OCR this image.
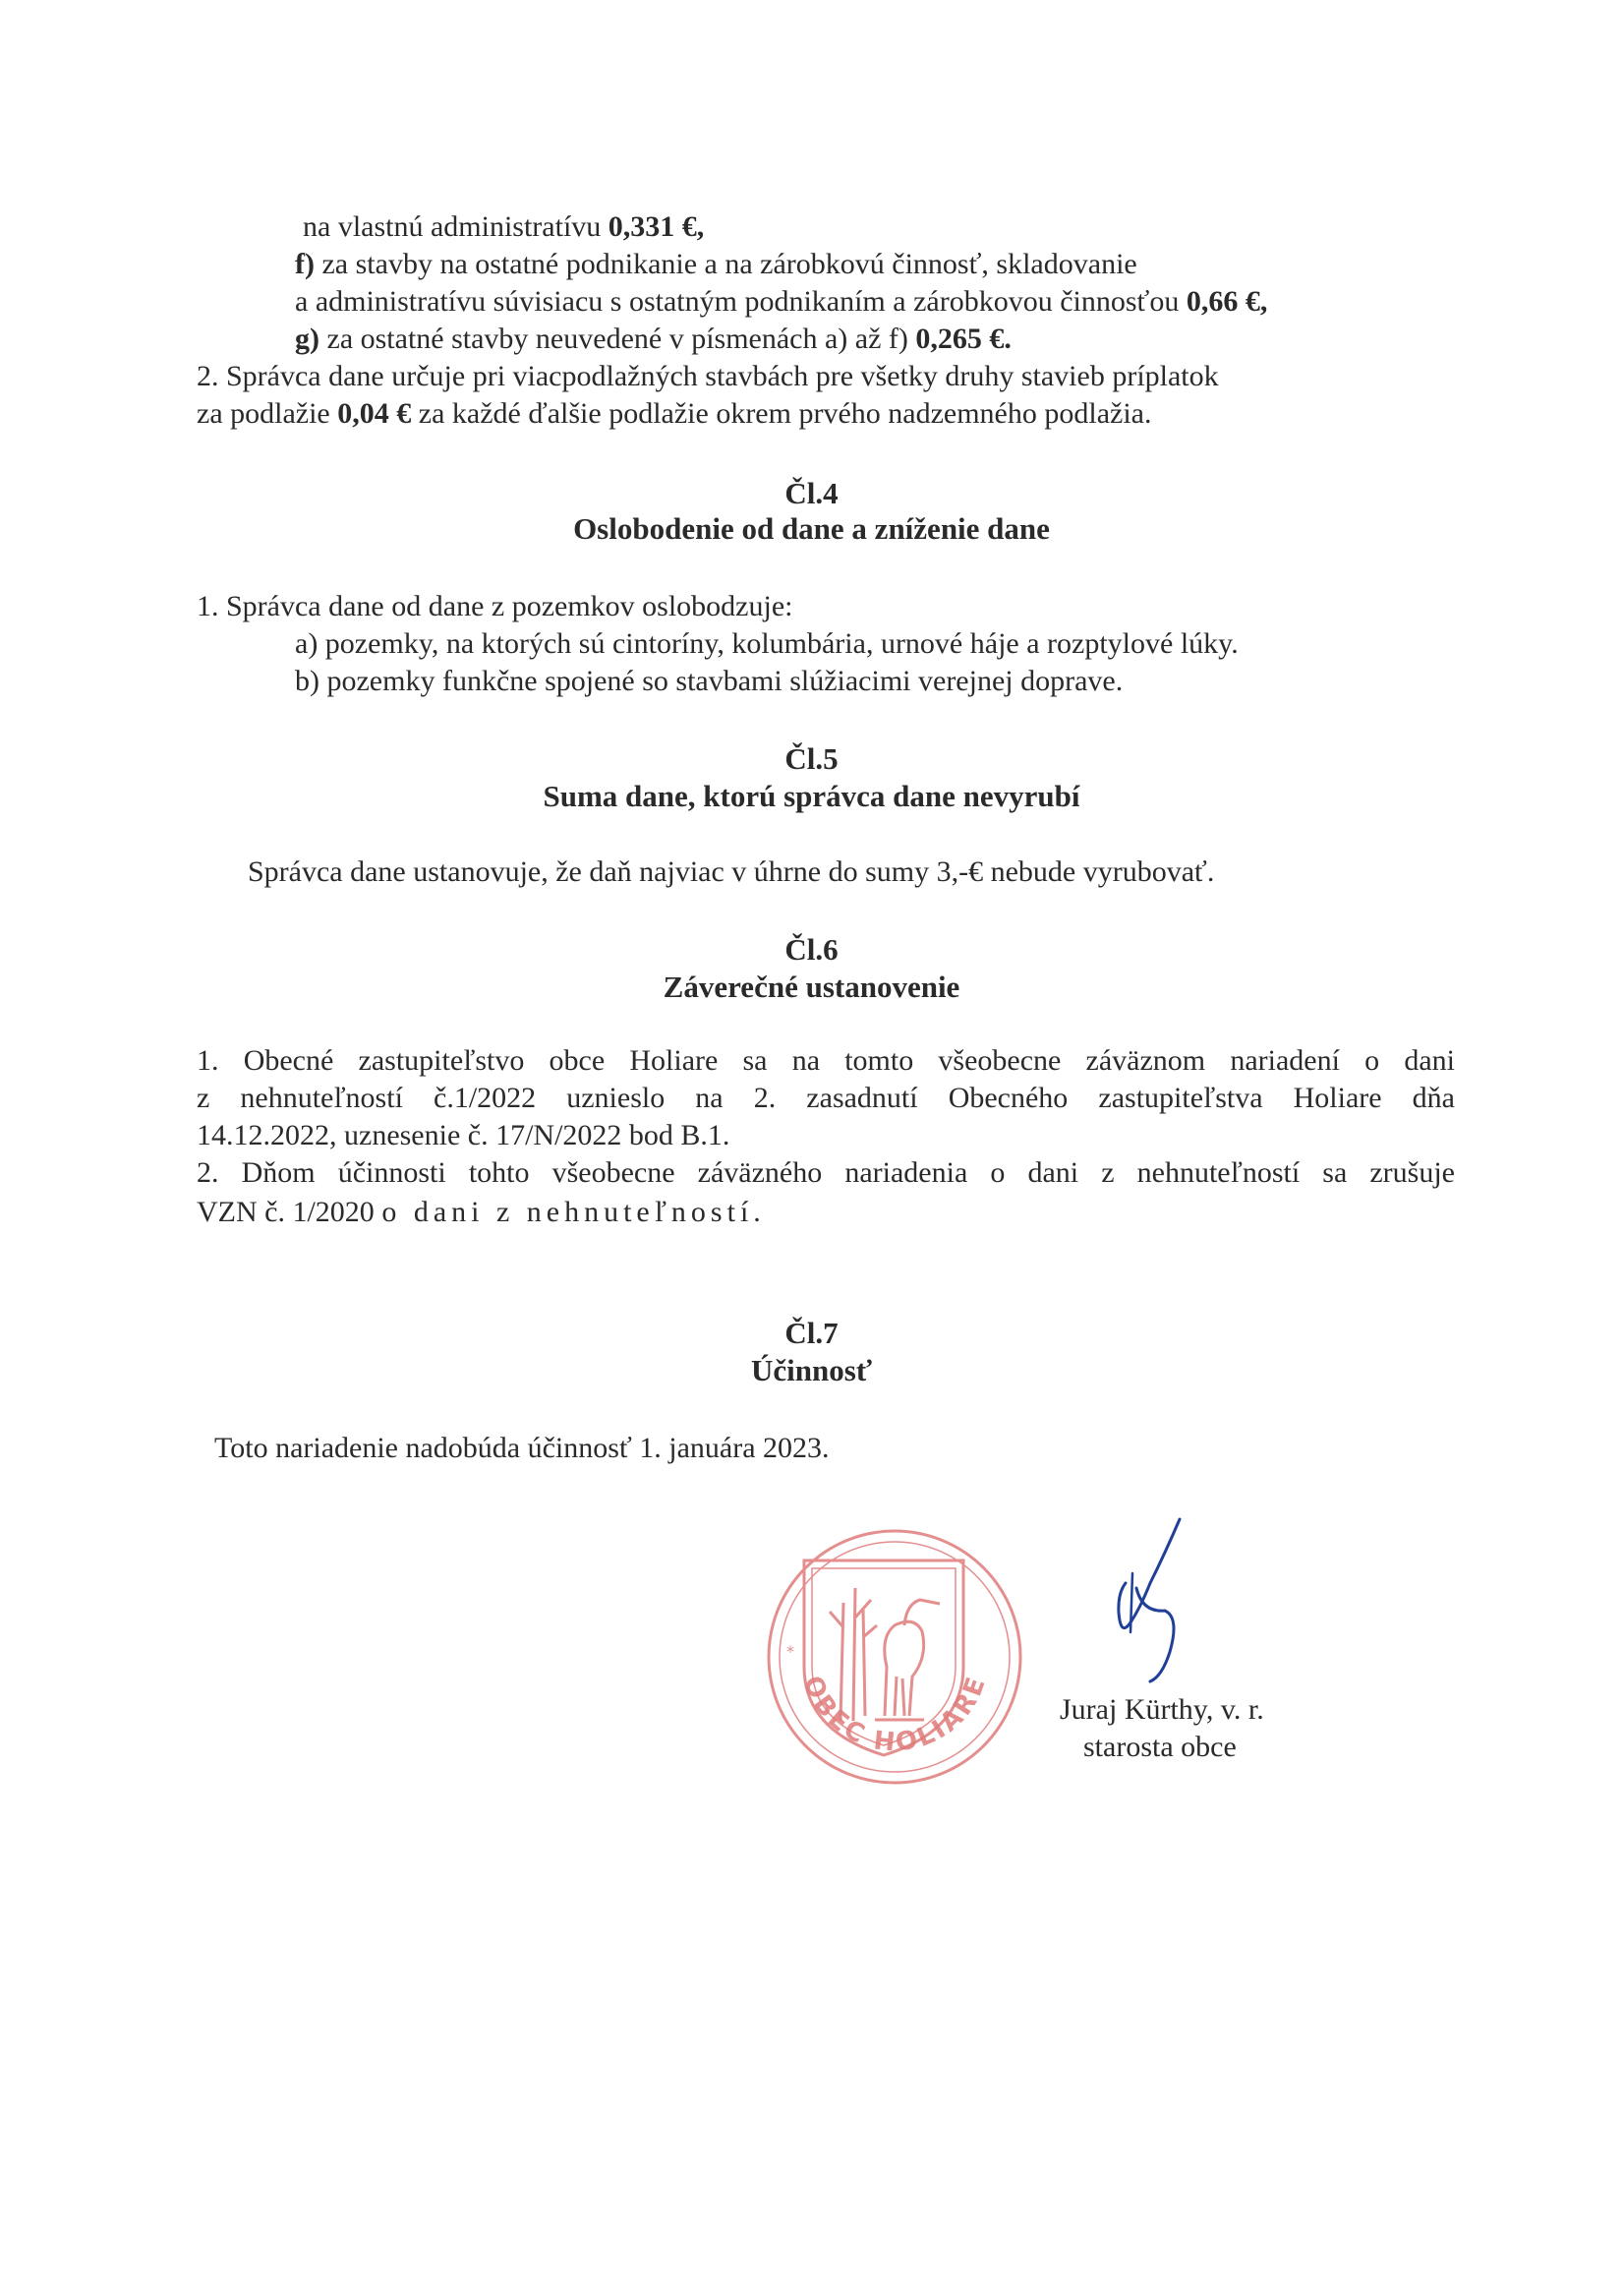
na vlastnú administratívu 0,331 €,
f) za stavby na ostatné podnikanie a na zárobkovú činnosť, skladovanie
a administratívu súvisiacu s ostatným podnikaním a zárobkovou činnosťou 0,66 €,
g) za ostatné stavby neuvedené v písmenách a) až f) 0,265 €.
2. Správca dane určuje pri viacpodlažných stavbách pre všetky druhy stavieb príplatok
za podlažie 0,04 € za každé ďalšie podlažie okrem prvého nadzemného podlažia.
Čl.4
Oslobodenie od dane a zníženie dane
1. Správca dane od dane z pozemkov oslobodzuje:
a) pozemky, na ktorých sú cintoríny, kolumbária, urnové háje a rozptylové lúky.
b) pozemky funkčne spojené so stavbami slúžiacimi verejnej doprave.
Čl.5
Suma dane, ktorú správca dane nevyrubí
Správca dane ustanovuje, že daň najviac v úhrne do sumy 3,-€ nebude vyrubovať.
Čl.6
Záverečné ustanovenie
1. Obecné zastupiteľstvo obce Holiare sa na tomto všeobecne záväznom nariadení o dani
z nehnuteľností č.1/2022 uznieslo na 2. zasadnutí Obecného zastupiteľstva Holiare dňa
14.12.2022, uznesenie č. 17/N/2022 bod B.1.
2. Dňom účinnosti tohto všeobecne záväzného nariadenia o dani z nehnuteľností sa zrušuje
VZN č. 1/2020 o dani z nehnuteľností.
Čl.7
Účinnosť
Toto nariadenie nadobúda účinnosť 1. januára 2023.
OBEC HOLIARE
*
Juraj Kürthy, v. r.
starosta obce
